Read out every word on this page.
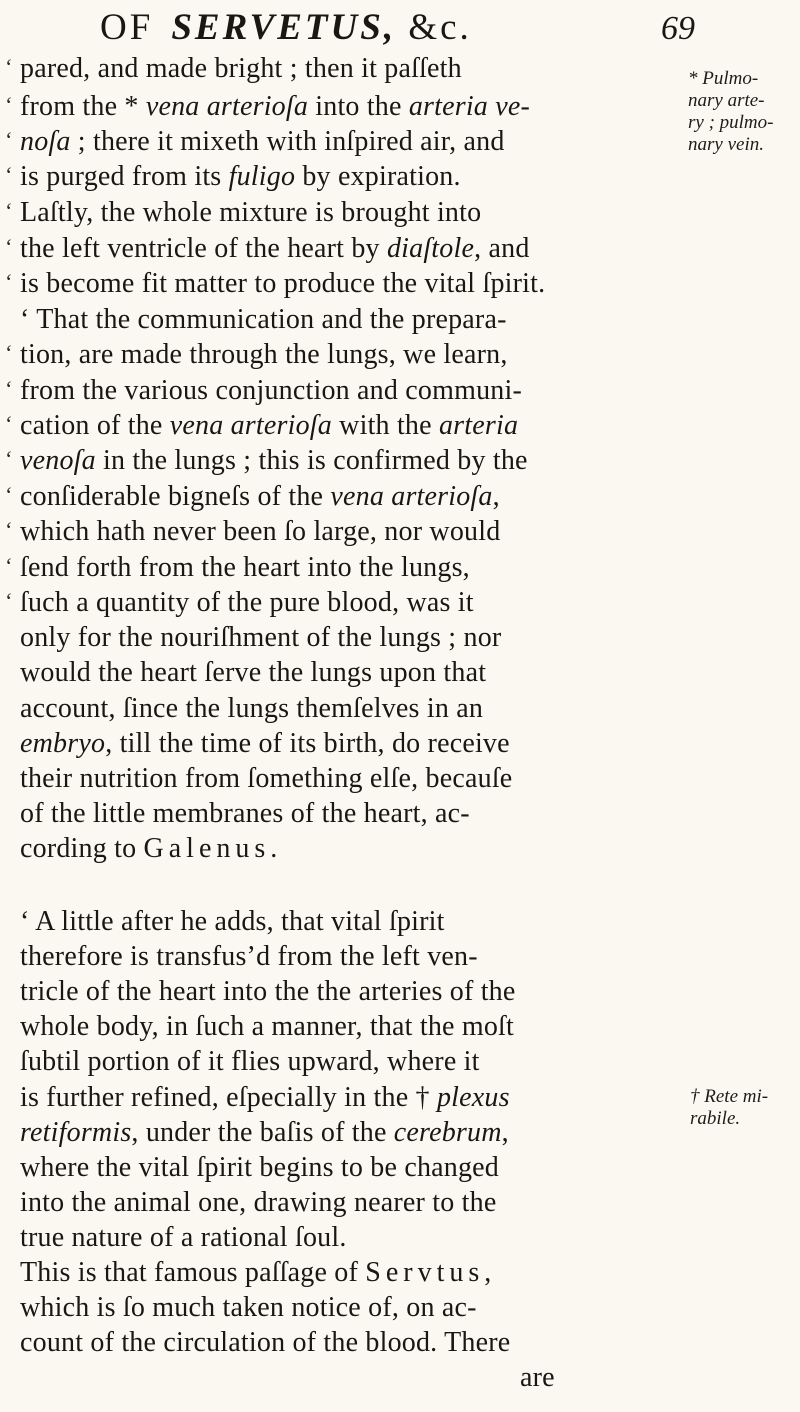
OF SERVETUS, &c.	69
‘ pared, and made bright ; then it paſſeth
‘ from the * vena arterioſa into the arteria ve-
‘ noſa ; there it mixeth with inſpired air, and
‘ is purged from its fuligo by expiration.
‘ Laſtly, the whole mixture is brought into
‘ the left ventricle of the heart by diaſtole, and
‘ is become fit matter to produce the vital ſpirit.
‘ That the communication and the prepara-
‘ tion, are made through the lungs, we learn,
‘ from the various conjunction and communi-
‘ cation of the vena arterioſa with the arteria
‘ venoſa in the lungs ; this is confirmed by the
‘ conſiderable bigneſs of the vena arterioſa,
‘ which hath never been ſo large, nor would
‘ ſend forth from the heart into the lungs,
‘ ſuch a quantity of the pure blood, was it
only for the nouriſhment of the lungs ; nor
would the heart ſerve the lungs upon that
account, ſince the lungs themſelves in an
embryo, till the time of its birth, do receive
their nutrition from ſomething elſe, becauſe
of the little membranes of the heart, ac-
cording to Galenus.
‘ A little after he adds, that vital ſpirit
therefore is transfus’d from the left ven-
tricle of the heart into the the arteries of the
whole body, in ſuch a manner, that the moſt
ſubtil portion of it flies upward, where it
is further refined, eſpecially in the † plexus
retiformis, under the baſis of the cerebrum,
where the vital ſpirit begins to be changed
into the animal one, drawing nearer to the
true nature of a rational ſoul.
This is that famous paſſage of Servtus,
which is ſo much taken notice of, on ac-
count of the circulation of the blood. There
are
* Pulmo-
nary arte-
ry ; pulmo-
nary vein.
† Rete mi-
rabile.
